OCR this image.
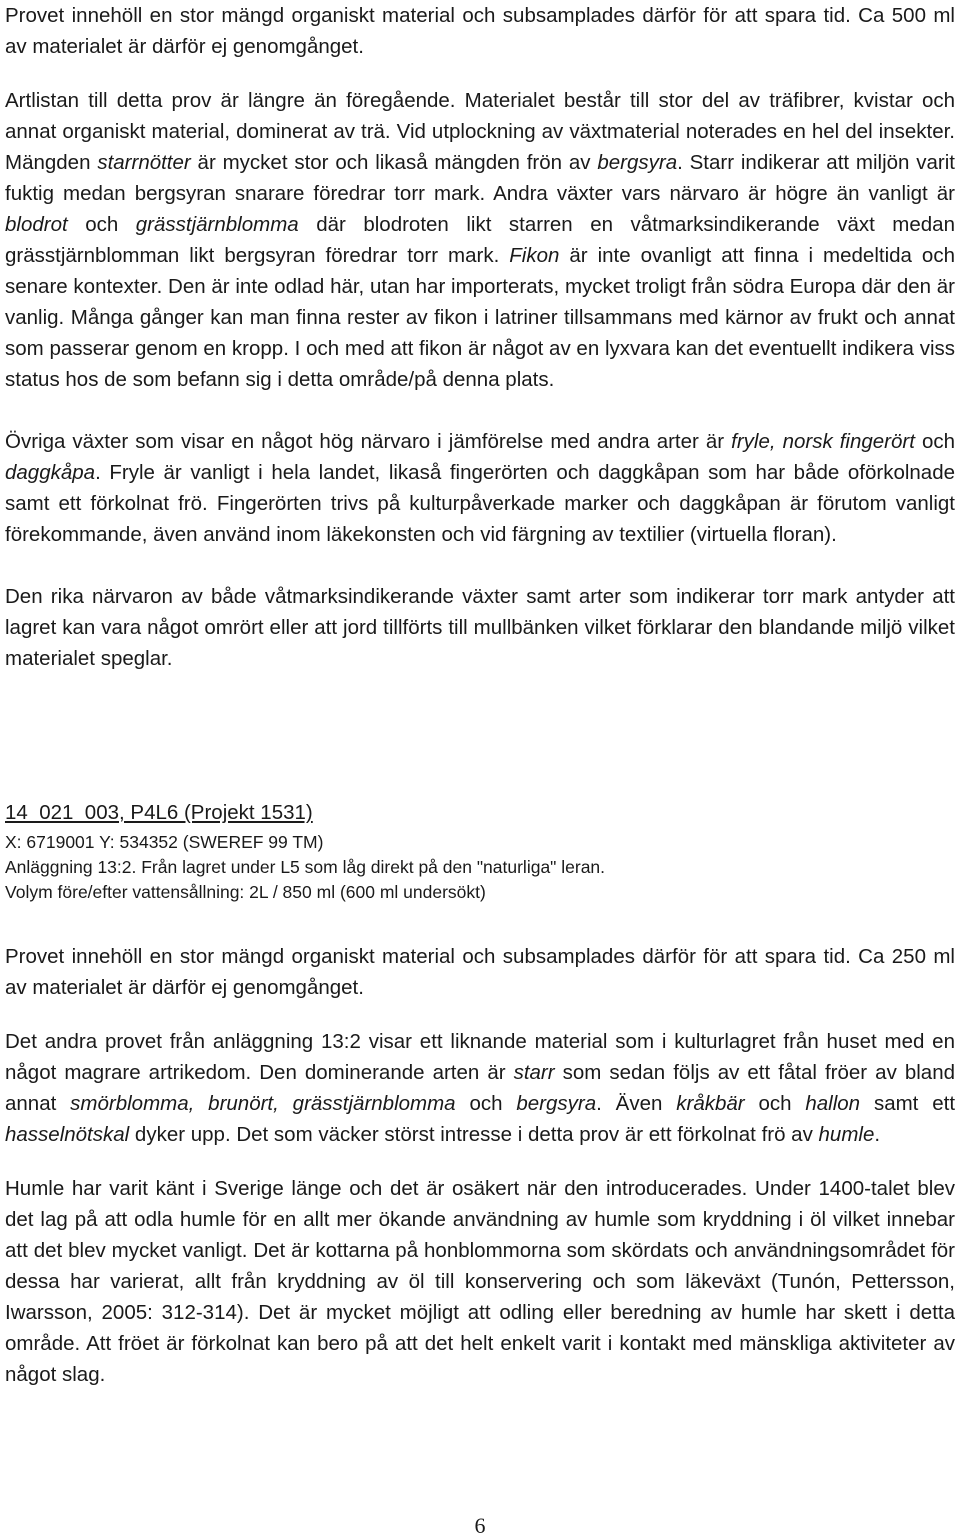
Provet innehöll en stor mängd organiskt material och subsamplades därför för att spara tid. Ca 500 ml av materialet är därför ej genomgånget.

Artlistan till detta prov är längre än föregående. Materialet består till stor del av träfibrer, kvistar och annat organiskt material, dominerat av trä. Vid utplockning av växtmaterial noterades en hel del insekter. Mängden starrnötter är mycket stor och likaså mängden frön av bergsyra. Starr indikerar att miljön varit fuktig medan bergsyran snarare föredrar torr mark. Andra växter vars närvaro är högre än vanligt är blodrot och grässtjärnblomma där blodroten likt starren en våtmarksindikerande växt medan grässtjärnblomman likt bergsyran föredrar torr mark. Fikon är inte ovanligt att finna i medeltida och senare kontexter. Den är inte odlad här, utan har importerats, mycket troligt från södra Europa där den är vanlig. Många gånger kan man finna rester av fikon i latriner tillsammans med kärnor av frukt och annat som passerar genom en kropp. I och med att fikon är något av en lyxvara kan det eventuellt indikera viss status hos de som befann sig i detta område/på denna plats.

Övriga växter som visar en något hög närvaro i jämförelse med andra arter är fryle, norsk fingerört och daggkåpa. Fryle är vanligt i hela landet, likaså fingerörten och daggkåpan som har både oförkolnade samt ett förkolnat frö. Fingerörten trivs på kulturpåverkade marker och daggkåpan är förutom vanligt förekommande, även använd inom läkekonsten och vid färgning av textilier (virtuella floran).

Den rika närvaron av både våtmarksindikerande växter samt arter som indikerar torr mark antyder att lagret kan vara något omrört eller att jord tillförts till mullbänken vilket förklarar den blandande miljö vilket materialet speglar.

14_021_003, P4L6 (Projekt 1531)
X: 6719001 Y: 534352 (SWEREF 99 TM)
Anläggning 13:2. Från lagret under L5 som låg direkt på den "naturliga" leran.
Volym före/efter vattensållning: 2L / 850 ml (600 ml undersökt)

Provet innehöll en stor mängd organiskt material och subsamplades därför för att spara tid. Ca 250 ml av materialet är därför ej genomgånget.

Det andra provet från anläggning 13:2 visar ett liknande material som i kulturlagret från huset med en något magrare artrikedom. Den dominerande arten är starr som sedan följs av ett fåtal fröer av bland annat smörblomma, brunört, grässtjärnblomma och bergsyra. Även kråkbär och hallon samt ett hasselnötskal dyker upp. Det som väcker störst intresse i detta prov är ett förkolnat frö av humle.

Humle har varit känt i Sverige länge och det är osäkert när den introducerades. Under 1400-talet blev det lag på att odla humle för en allt mer ökande användning av humle som kryddning i öl vilket innebar att det blev mycket vanligt. Det är kottarna på honblommorna som skördats och användningsområdet för dessa har varierat, allt från kryddning av öl till konservering och som läkeväxt (Tunón, Pettersson, Iwarsson, 2005: 312-314). Det är mycket möjligt att odling eller beredning av humle har skett i detta område. Att fröet är förkolnat kan bero på att det helt enkelt varit i kontakt med mänskliga aktiviteter av något slag.

6
